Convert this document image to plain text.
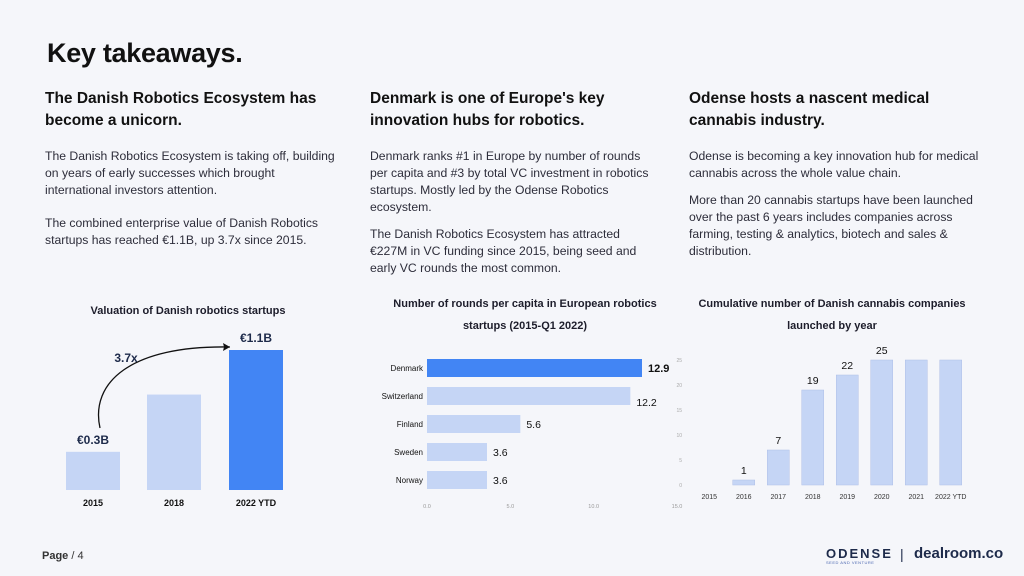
Key takeaways.
The Danish Robotics Ecosystem has become a unicorn.

The Danish Robotics Ecosystem is taking off, building on years of early successes which brought international investors attention.

The combined enterprise value of Danish Robotics startups has reached €1.1B, up 3.7x since 2015.

Denmark is one of Europe's key innovation hubs for robotics.

Denmark ranks #1 in Europe by number of rounds per capita and #3 by total VC investment in robotics startups. Mostly led by the Odense Robotics ecosystem.

The Danish Robotics Ecosystem has attracted €227M in VC funding since 2015, being seed and early VC rounds the most common.

Odense hosts a nascent medical cannabis industry.

Odense is becoming a key innovation hub for medical cannabis across the whole value chain.

More than 20 cannabis startups have been launched over the past 6 years includes companies across farming, testing & analytics, biotech and sales & distribution.

Valuation of Danish robotics startups
Number of rounds per capita in European robotics startups (2015-Q1 2022)
Cumulative number of Danish cannabis companies launched by year
2015	2018	2022 YTD
€0.3B
€1.1B
3.7x
Denmark	12.9
Switzerland
12.2
Finland	5.6
Sweden	3.6
Norway	3.6
0.0	5.0	10.0	15.0
0
5
10
15
20
25
2015
1
2016
7
2017
19
2018
22
2019
25
2020	2021 2022 YTD
Page / 4	ODENSE
SEED AND VENTURE
| dealroom.co
